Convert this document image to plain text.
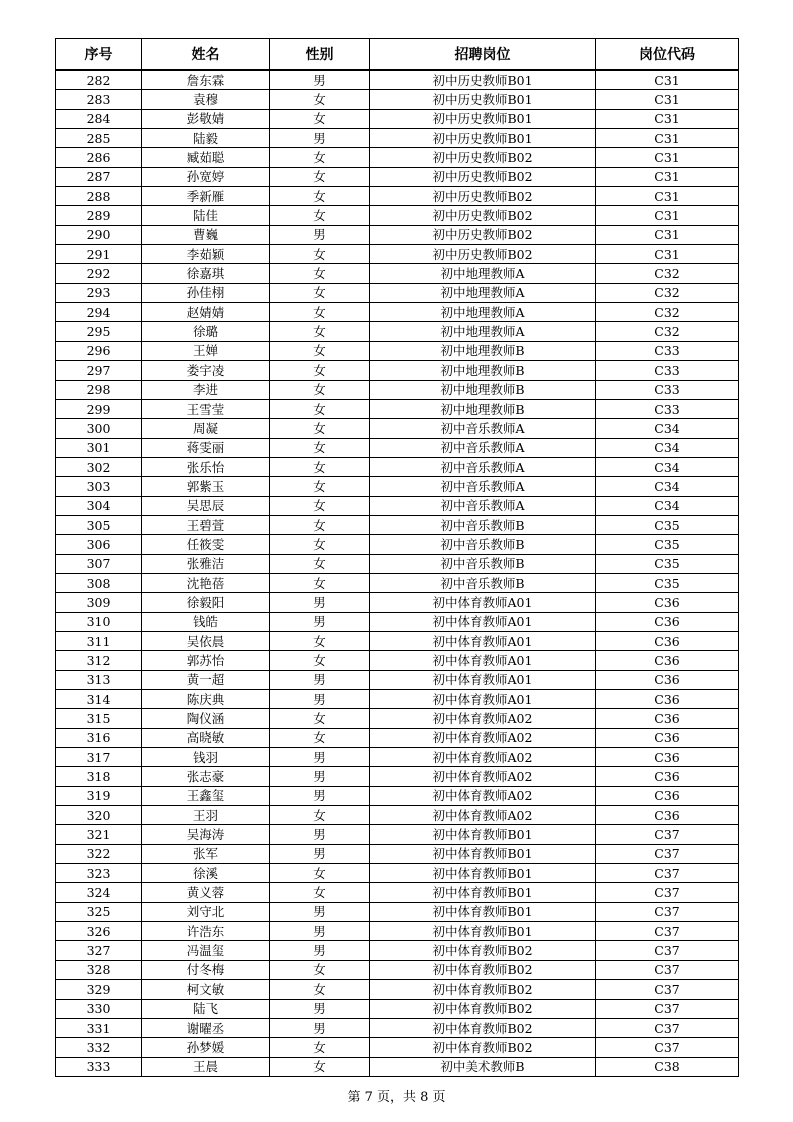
序号	姓名	性别	招聘岗位	岗位代码
282	詹东霖	男	初中历史教师B01	C31
283	袁穆	女	初中历史教师B01	C31
284	彭敬婧	女	初中历史教师B01	C31
285	陆毅	男	初中历史教师B01	C31
286	臧茹聪	女	初中历史教师B02	C31
287	孙宽婷	女	初中历史教师B02	C31
288	季新雁	女	初中历史教师B02	C31
289	陆佳	女	初中历史教师B02	C31
290	曹巍	男	初中历史教师B02	C31
291	李茹颖	女	初中历史教师B02	C31
292	徐嘉琪	女	初中地理教师A	C32
293	孙佳栩	女	初中地理教师A	C32
294	赵婧婧	女	初中地理教师A	C32
295	徐璐	女	初中地理教师A	C32
296	王婵	女	初中地理教师B	C33
297	娄宇凌	女	初中地理教师B	C33
298	李进	女	初中地理教师B	C33
299	王雪莹	女	初中地理教师B	C33
300	周凝	女	初中音乐教师A	C34
301	蒋雯丽	女	初中音乐教师A	C34
302	张乐怡	女	初中音乐教师A	C34
303	郭紫玉	女	初中音乐教师A	C34
304	吴思辰	女	初中音乐教师A	C34
305	王碧萱	女	初中音乐教师B	C35
306	任筱雯	女	初中音乐教师B	C35
307	张雅洁	女	初中音乐教师B	C35
308	沈艳蓓	女	初中音乐教师B	C35
309	徐毅阳	男	初中体育教师A01	C36
310	钱皓	男	初中体育教师A01	C36
311	吴依晨	女	初中体育教师A01	C36
312	郭苏怡	女	初中体育教师A01	C36
313	黄一超	男	初中体育教师A01	C36
314	陈庆典	男	初中体育教师A01	C36
315	陶仪涵	女	初中体育教师A02	C36
316	高晓敏	女	初中体育教师A02	C36
317	钱羽	男	初中体育教师A02	C36
318	张志豪	男	初中体育教师A02	C36
319	王鑫玺	男	初中体育教师A02	C36
320	王羽	女	初中体育教师A02	C36
321	吴海涛	男	初中体育教师B01	C37
322	张军	男	初中体育教师B01	C37
323	徐溪	女	初中体育教师B01	C37
324	黄义蓉	女	初中体育教师B01	C37
325	刘守北	男	初中体育教师B01	C37
326	许浩东	男	初中体育教师B01	C37
327	冯温玺	男	初中体育教师B02	C37
328	付冬梅	女	初中体育教师B02	C37
329	柯文敏	女	初中体育教师B02	C37
330	陆飞	男	初中体育教师B02	C37
331	谢曜丞	男	初中体育教师B02	C37
332	孙梦媛	女	初中体育教师B02	C37
333	王晨	女	初中美术教师B	C38
第 7 页，共 8 页
